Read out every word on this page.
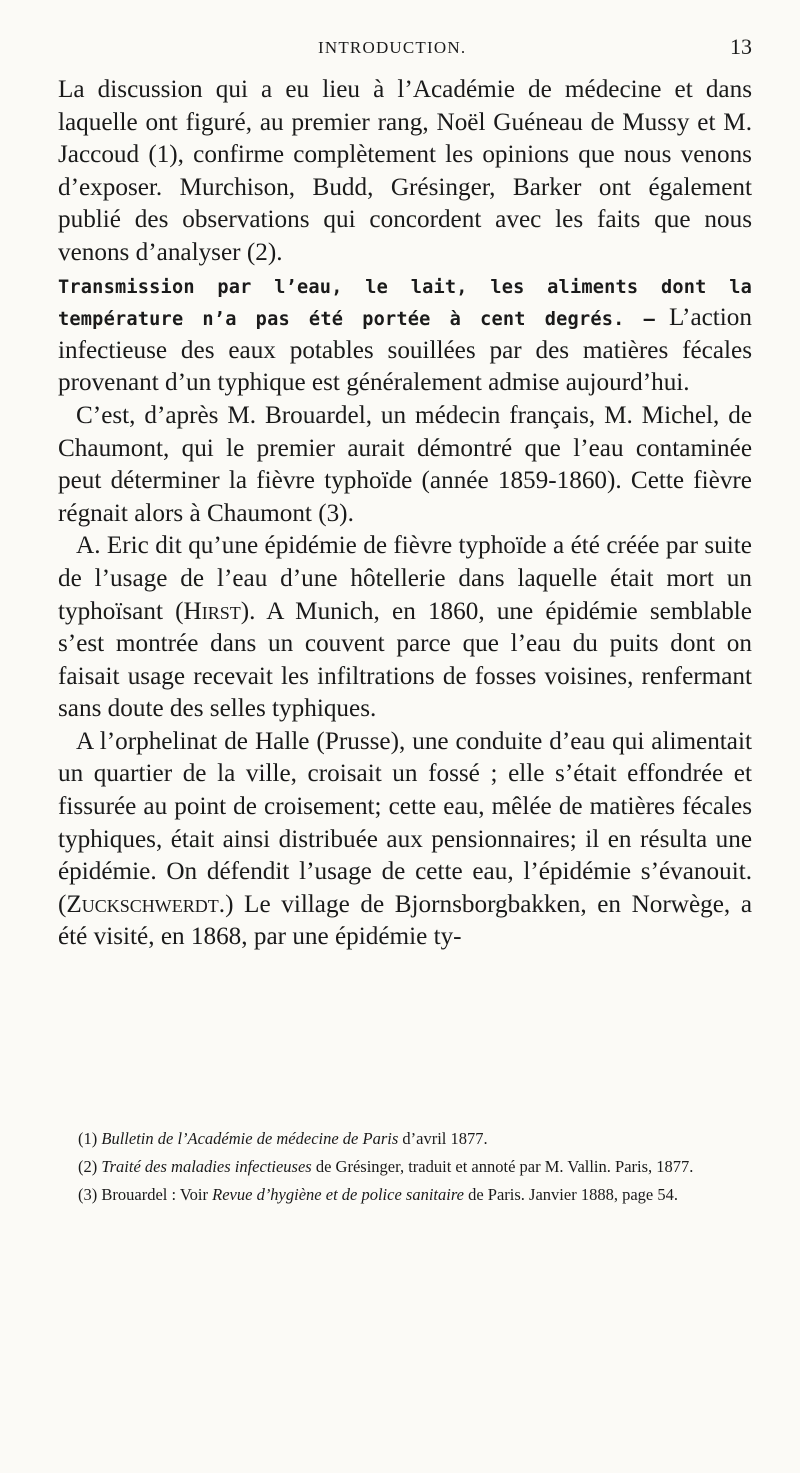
INTRODUCTION.	13

La discussion qui a eu lieu à l’Académie de médecine et dans laquelle ont figuré, au premier rang, Noël Guéneau de Mussy et M. Jaccoud (1), confirme complètement les opinions que nous venons d’exposer. Murchison, Budd, Grésinger, Barker ont également publié des observations qui concordent avec les faits que nous venons d’analyser (2).

Transmission par l’eau, le lait, les aliments dont la température n’a pas été portée à cent degrés. — L’action infectieuse des eaux potables souillées par des matières fécales provenant d’un typhique est généralement admise aujourd’hui.

C’est, d’après M. Brouardel, un médecin français, M. Michel, de Chaumont, qui le premier aurait démontré que l’eau contaminée peut déterminer la fièvre typhoïde (année 1859-1860). Cette fièvre régnait alors à Chaumont (3).

A. Eric dit qu’une épidémie de fièvre typhoïde a été créée par suite de l’usage de l’eau d’une hôtellerie dans laquelle était mort un typhoïsant (Hirst). A Munich, en 1860, une épidémie semblable s’est montrée dans un couvent parce que l’eau du puits dont on faisait usage recevait les infiltrations de fosses voisines, renfermant sans doute des selles typhiques.

A l’orphelinat de Halle (Prusse), une conduite d’eau qui alimentait un quartier de la ville, croisait un fossé ; elle s’était effondrée et fissurée au point de croisement; cette eau, mêlée de matières fécales typhiques, était ainsi distribuée aux pensionnaires; il en résulta une épidémie. On défendit l’usage de cette eau, l’épidémie s’évanouit. (Zuckschwerdt.) Le village de Bjornsborgbakken, en Norwège, a été visité, en 1868, par une épidémie ty-

(1) Bulletin de l’Académie de médecine de Paris d’avril 1877.

(2) Traité des maladies infectieuses de Grésinger, traduit et annoté par M. Vallin. Paris, 1877.

(3) Brouardel : Voir Revue d’hygiène et de police sanitaire de Paris. Janvier 1888, page 54.
